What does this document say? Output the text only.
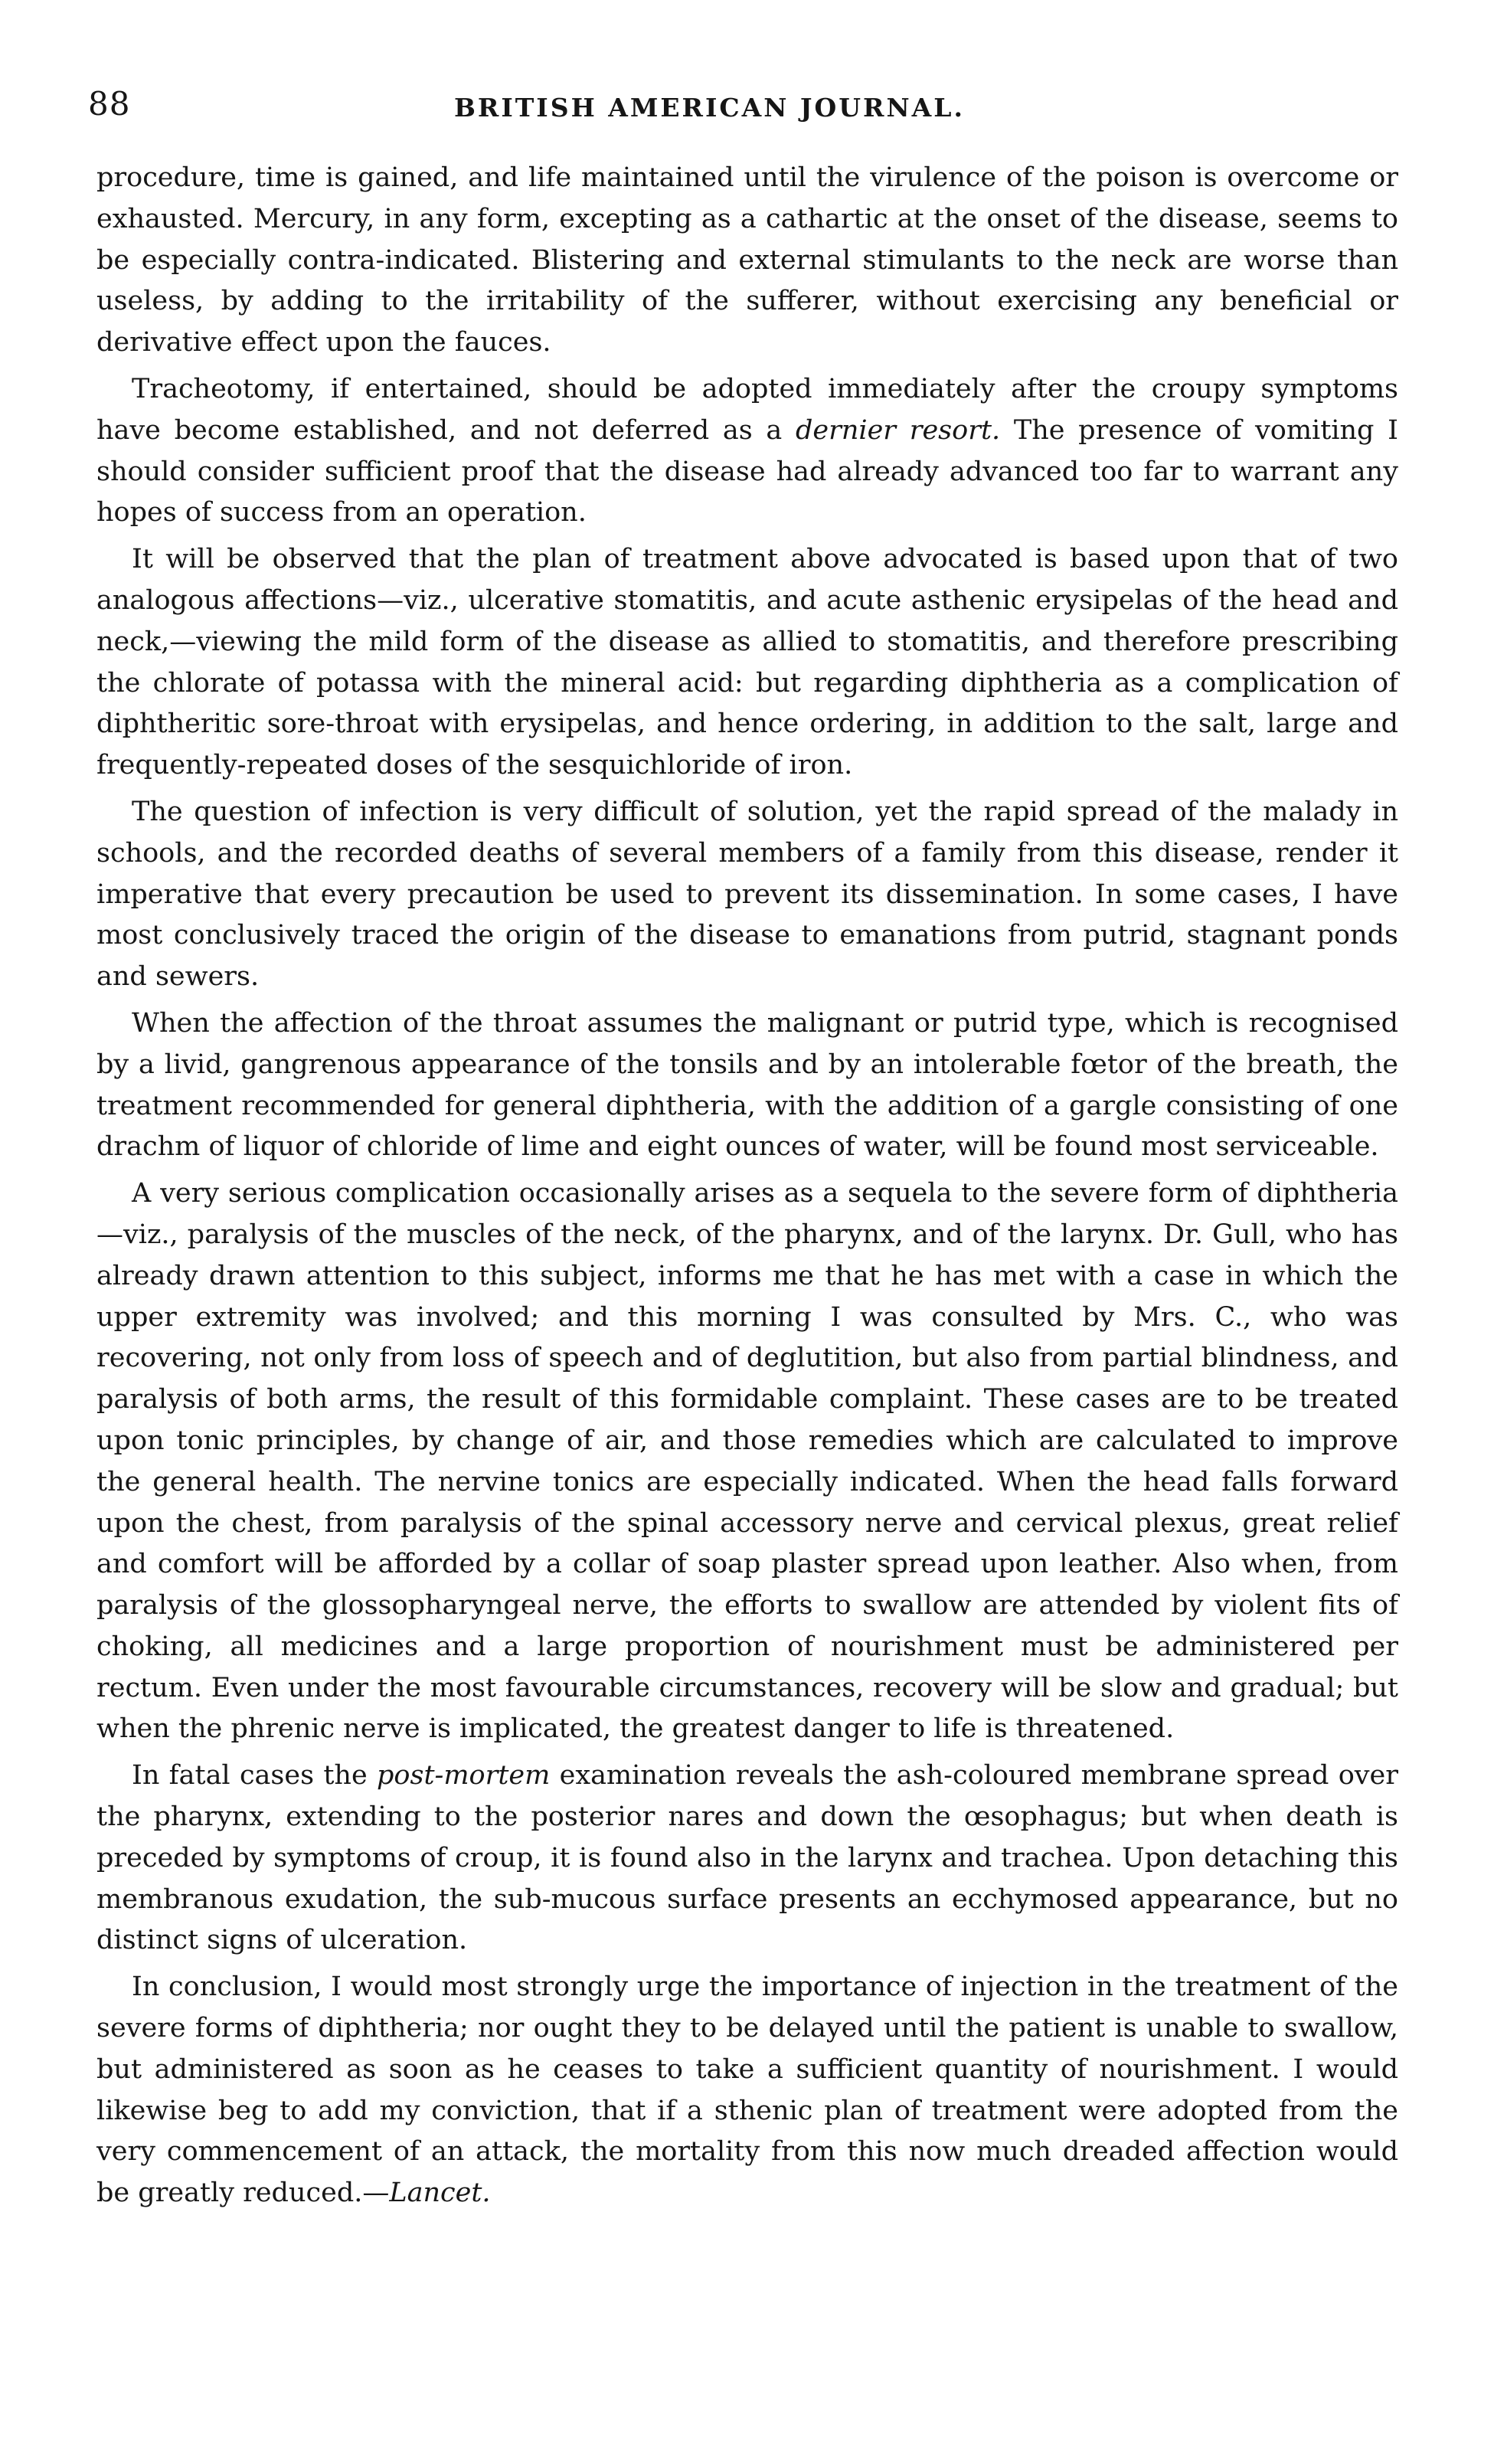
88	BRITISH AMERICAN JOURNAL.

procedure, time is gained, and life maintained until the virulence of the poison is overcome or exhausted. Mercury, in any form, excepting as a cathartic at the onset of the disease, seems to be especially contra-indicated. Blistering and external stimulants to the neck are worse than useless, by adding to the irritability of the sufferer, without exercising any beneficial or derivative effect upon the fauces.

Tracheotomy, if entertained, should be adopted immediately after the croupy symptoms have become established, and not deferred as a dernier resort. The presence of vomiting I should consider sufficient proof that the disease had already advanced too far to warrant any hopes of success from an operation.

It will be observed that the plan of treatment above advocated is based upon that of two analogous affections—viz., ulcerative stomatitis, and acute asthenic erysipelas of the head and neck,—viewing the mild form of the disease as allied to stomatitis, and therefore prescribing the chlorate of potassa with the mineral acid: but regarding diphtheria as a complication of diphtheritic sore-throat with erysipelas, and hence ordering, in addition to the salt, large and frequently-repeated doses of the sesquichloride of iron.

The question of infection is very difficult of solution, yet the rapid spread of the malady in schools, and the recorded deaths of several members of a family from this disease, render it imperative that every precaution be used to prevent its dissemination. In some cases, I have most conclusively traced the origin of the disease to emanations from putrid, stagnant ponds and sewers.

When the affection of the throat assumes the malignant or putrid type, which is recognised by a livid, gangrenous appearance of the tonsils and by an intolerable fœtor of the breath, the treatment recommended for general diphtheria, with the addition of a gargle consisting of one drachm of liquor of chloride of lime and eight ounces of water, will be found most serviceable.

A very serious complication occasionally arises as a sequela to the severe form of diphtheria—viz., paralysis of the muscles of the neck, of the pharynx, and of the larynx. Dr. Gull, who has already drawn attention to this subject, informs me that he has met with a case in which the upper extremity was involved; and this morning I was consulted by Mrs. C., who was recovering, not only from loss of speech and of deglutition, but also from partial blindness, and paralysis of both arms, the result of this formidable complaint. These cases are to be treated upon tonic principles, by change of air, and those remedies which are calculated to improve the general health. The nervine tonics are especially indicated. When the head falls forward upon the chest, from paralysis of the spinal accessory nerve and cervical plexus, great relief and comfort will be afforded by a collar of soap plaster spread upon leather. Also when, from paralysis of the glossopharyngeal nerve, the efforts to swallow are attended by violent fits of choking, all medicines and a large proportion of nourishment must be administered per rectum. Even under the most favourable circumstances, recovery will be slow and gradual; but when the phrenic nerve is implicated, the greatest danger to life is threatened.

In fatal cases the post-mortem examination reveals the ash-coloured membrane spread over the pharynx, extending to the posterior nares and down the œsophagus; but when death is preceded by symptoms of croup, it is found also in the larynx and trachea. Upon detaching this membranous exudation, the sub-mucous surface presents an ecchymosed appearance, but no distinct signs of ulceration.

In conclusion, I would most strongly urge the importance of injection in the treatment of the severe forms of diphtheria; nor ought they to be delayed until the patient is unable to swallow, but administered as soon as he ceases to take a sufficient quantity of nourishment. I would likewise beg to add my conviction, that if a sthenic plan of treatment were adopted from the very commencement of an attack, the mortality from this now much dreaded affection would be greatly reduced.—Lancet.
